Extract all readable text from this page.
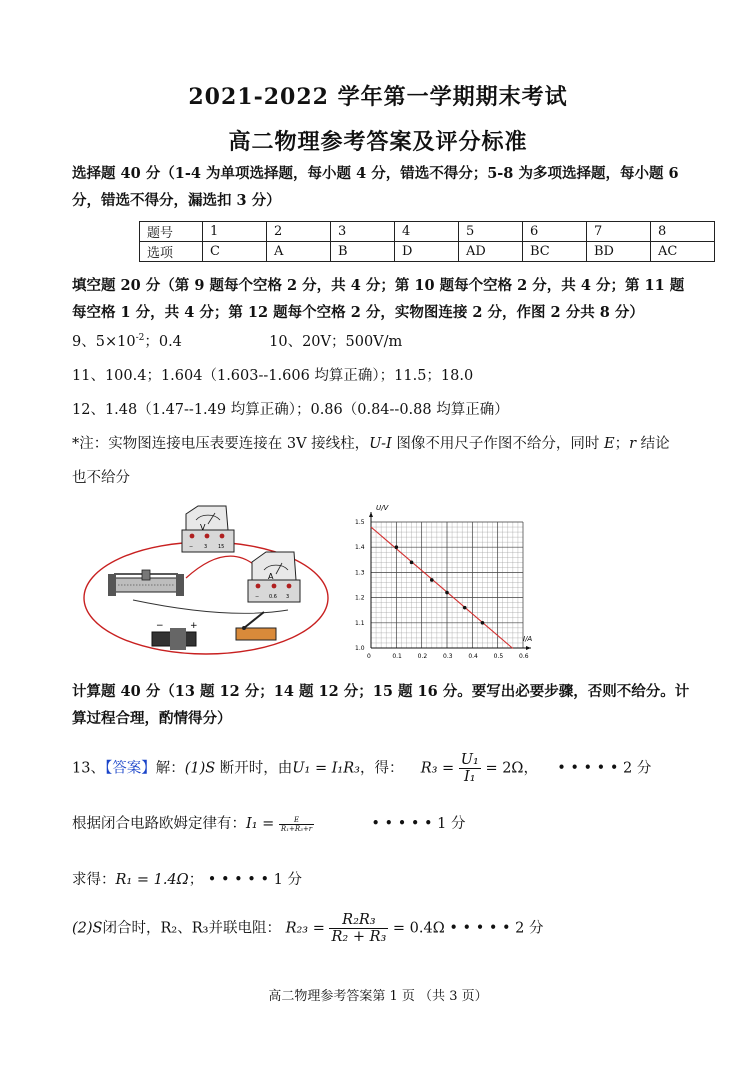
2021-2022 学年第一学期期末考试
高二物理参考答案及评分标准
选择题 40 分（1-4 为单项选择题，每小题 4 分，错选不得分；5-8 为多项选择题，每小题 6 分，错选不得分，漏选扣 3 分）
题号	1	2	3	4	5	6	7	8
选项	C	A	B	D	AD	BC	BD	AC
填空题 20 分（第 9 题每个空格 2 分，共 4 分；第 10 题每个空格 2 分，共 4 分；第 11 题每空格 1 分，共 4 分；第 12 题每个空格 2 分，实物图连接 2 分，作图 2 分共 8 分）
9、$5\times 10^{-2}$；0.4	10、20V；500V/m
11、100.4；1.604（1.603--1.606 均算正确）；11.5；18.0
12、1.48（1.47--1.49 均算正确）；0.86（0.84--0.88 均算正确）
*注：实物图连接电压表要连接在 3V 接线柱，U-I 图像不用尺子作图不给分，同时 E；r 结论
也不给分
V
− 3 15
A
− 0.6 3
−	+
0	0.1	0.2	0.3	0.4	0.5	0.6
1.0
1.1
1.2
1.3
1.4
1.5
U/V
I/A
计算题 40 分（13 题 12 分；14 题 12 分；15 题 16 分。要写出必要步骤，否则不给分。计算过程合理，酌情得分）
13、【答案】解：(1)S 断开时，由U₁ = I₁R₃，得： $R_3 = \frac{\text{U₁}}{\text{I₁}} = 2\Omega$， • • • • • 2 分
根据闭合电路欧姆定律有：$I_1 = \frac{E}{\text{R₁+R₃+r}}$	• • • • • 1 分
求得：R₁ = 1.4Ω； • • • • • 1 分
(2)S闭合时，R₂、R₃并联电阻： $R_{23} = \frac{\text{R₂R₃}}{\text{R₂ + R₃}} = 0.4\Omega$ • • • • • 2 分
高二物理参考答案第 1 页 （共 3 页）
